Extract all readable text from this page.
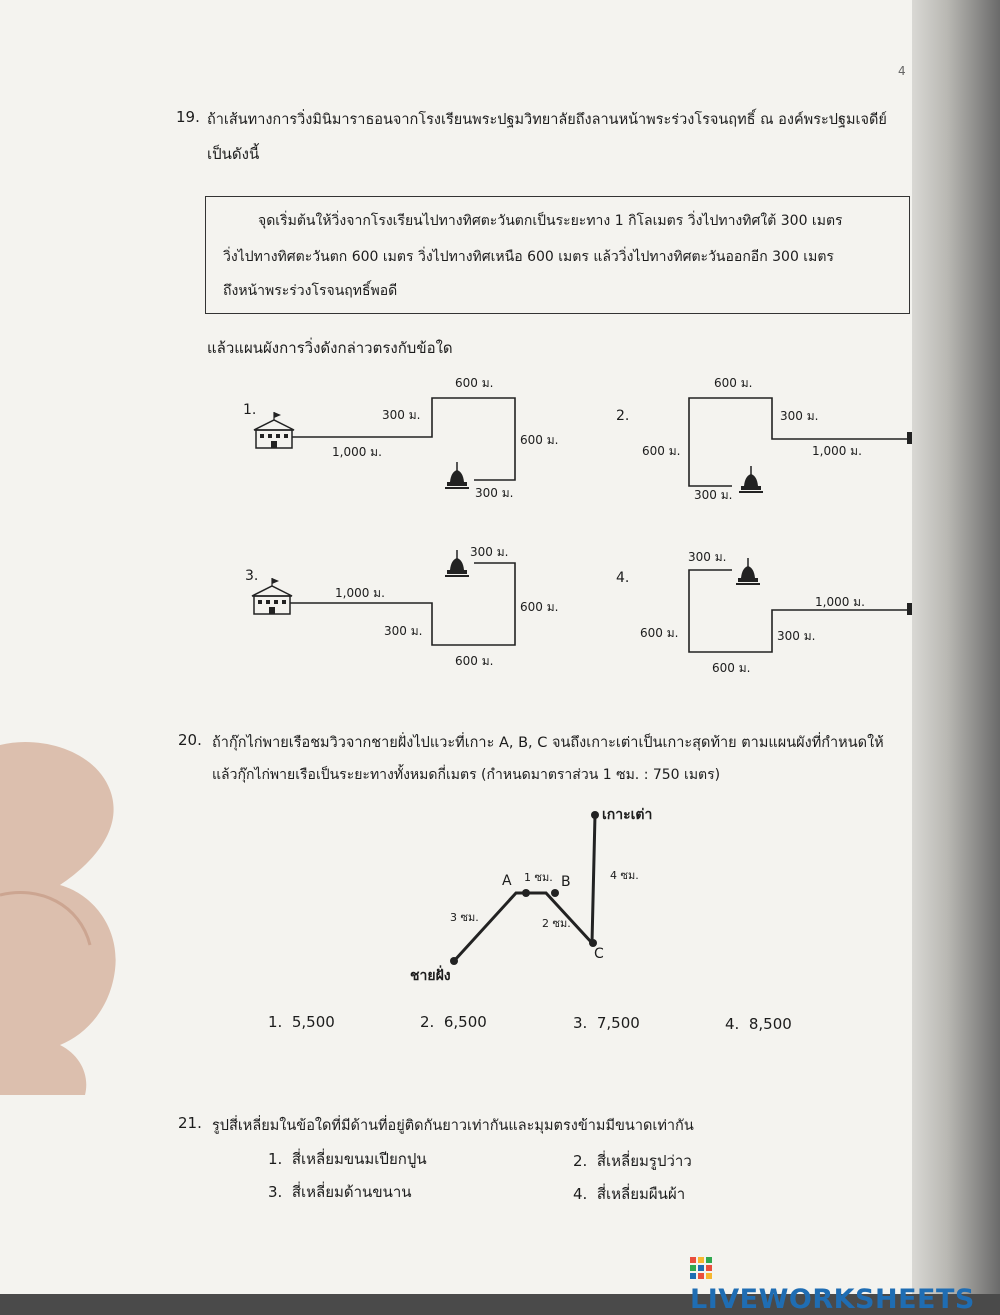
4
19. ถ้าเส้นทางการวิ่งมินิมาราธอนจากโรงเรียนพระปฐมวิทยาลัยถึงลานหน้าพระร่วงโรจนฤทธิ์ ณ องค์พระปฐมเจดีย์
เป็นดังนี้
จุดเริ่มต้นให้วิ่งจากโรงเรียนไปทางทิศตะวันตกเป็นระยะทาง 1 กิโลเมตร วิ่งไปทางทิศใต้ 300 เมตร
วิ่งไปทางทิศตะวันตก 600 เมตร วิ่งไปทางทิศเหนือ 600 เมตร แล้ววิ่งไปทางทิศตะวันออกอีก 300 เมตร
ถึงหน้าพระร่วงโรจนฤทธิ์พอดี
แล้วแผนผังการวิ่งดังกล่าวตรงกับข้อใด
1.
1,000 ม.
300 ม.
600 ม.
600 ม.
300 ม.
2.
600 ม.
300 ม.
1,000 ม.
600 ม.
300 ม.
3.
1,000 ม.
300 ม.
300 ม.
600 ม.
600 ม.
4.
300 ม.
1,000 ม.
600 ม.	300 ม.
600 ม.
20. ถ้ากุ๊กไก่พายเรือชมวิวจากชายฝั่งไปแวะที่เกาะ A, B, C จนถึงเกาะเต่าเป็นเกาะสุดท้าย ตามแผนผังที่กำหนดให้
แล้วกุ๊กไก่พายเรือเป็นระยะทางทั้งหมดกี่เมตร (กำหนดมาตราส่วน 1 ซม. : 750 เมตร)
ชายฝั่ง
A	B
C
เกาะเต่า
3 ซม.
1 ซม.
2 ซม.
4 ซม.
1. 5,500	2. 6,500	3. 7,500	4. 8,500
21. รูปสี่เหลี่ยมในข้อใดที่มีด้านที่อยู่ติดกันยาวเท่ากันและมุมตรงข้ามมีขนาดเท่ากัน
1. สี่เหลี่ยมขนมเปียกปูน	2. สี่เหลี่ยมรูปว่าว
3. สี่เหลี่ยมด้านขนาน	4. สี่เหลี่ยมผืนผ้า
LIVEWORKSHEETS
